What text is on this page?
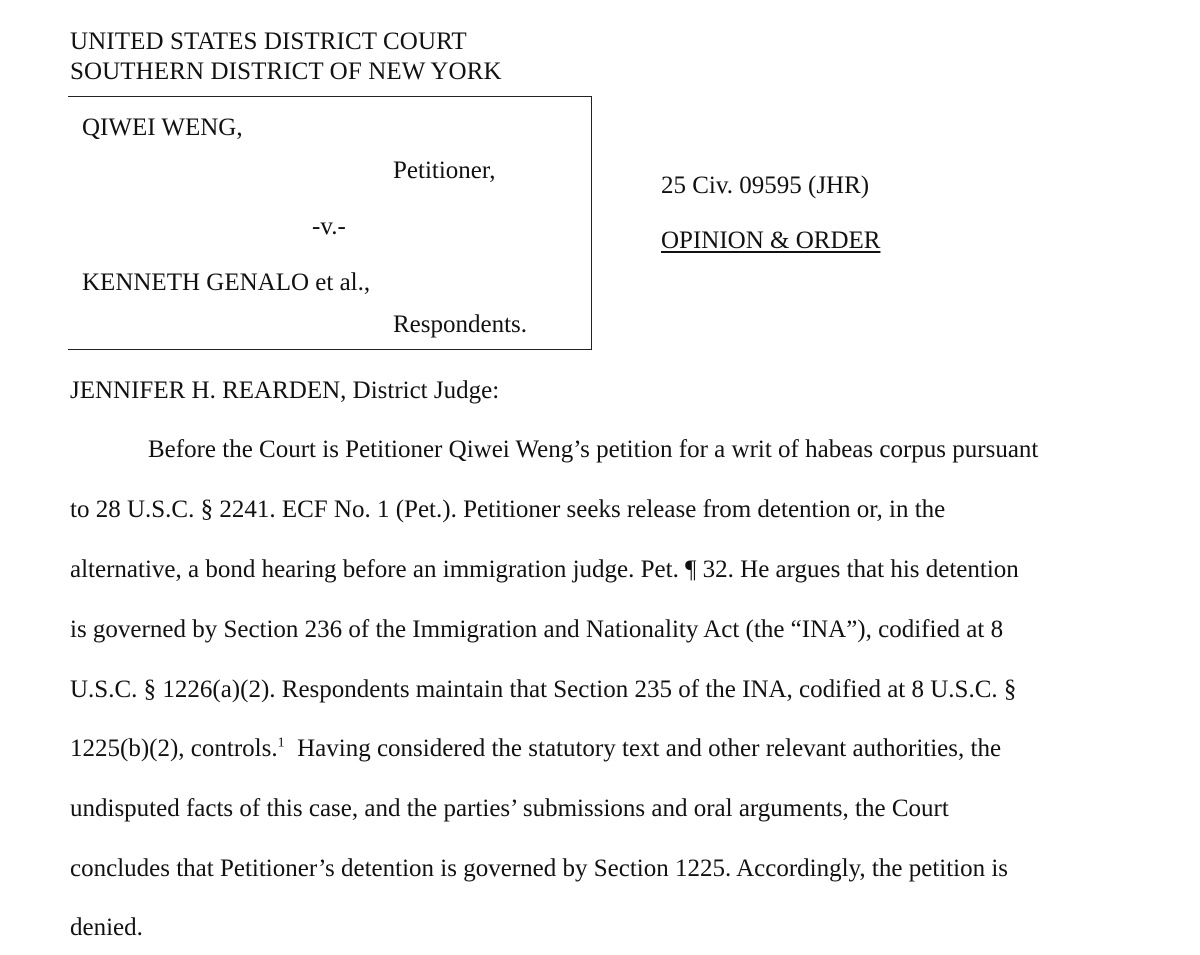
UNITED STATES DISTRICT COURT
SOUTHERN DISTRICT OF NEW YORK
QIWEI WENG,
Petitioner,
-v.-
KENNETH GENALO et al.,
Respondents.
25 Civ. 09595 (JHR)
OPINION & ORDER
JENNIFER H. REARDEN, District Judge:
Before the Court is Petitioner Qiwei Weng’s petition for a writ of habeas corpus pursuant
to 28 U.S.C. § 2241. ECF No. 1 (Pet.). Petitioner seeks release from detention or, in the
alternative, a bond hearing before an immigration judge. Pet. ¶ 32. He argues that his detention
is governed by Section 236 of the Immigration and Nationality Act (the “INA”), codified at 8
U.S.C. § 1226(a)(2). Respondents maintain that Section 235 of the INA, codified at 8 U.S.C. §
1225(b)(2), controls.$^1$  Having considered the statutory text and other relevant authorities, the
undisputed facts of this case, and the parties’ submissions and oral arguments, the Court
concludes that Petitioner’s detention is governed by Section 1225. Accordingly, the petition is
denied.
